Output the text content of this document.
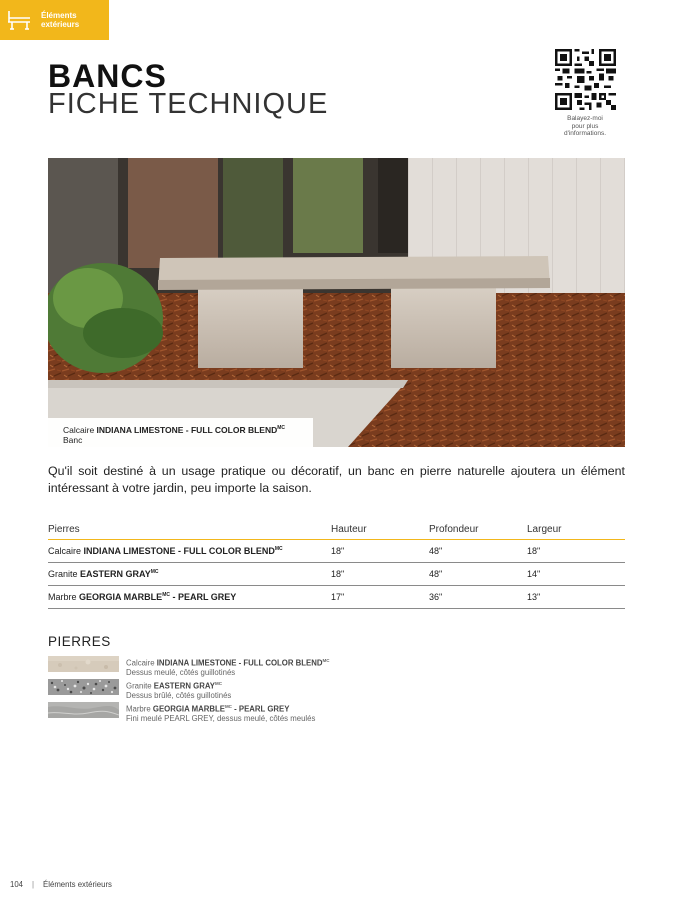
Éléments
extérieurs
BANCS
FICHE TECHNIQUE	Balayez-moi
pour plus
d'informations.
Calcaire INDIANA LIMESTONE - FULL COLOR $BLEND^{MC}$
Banc

Qu'il soit destiné à un usage pratique ou décoratif, un banc en pierre naturelle ajoutera un élément intéressant à votre jardin, peu importe la saison.

Pierres	Hauteur	Profondeur	Largeur
Calcaire INDIANA LIMESTONE - FULL COLOR $BLEND^{MC}$	18"	48"	18"
Granite EASTERN $GRAY^{MC}$	18"	48"	14"
Marbre GEORGIA $MARBLE^{MC}$ - PEARL GREY	17"	36"	13"
PIERRES
Calcaire INDIANA LIMESTONE - FULL COLOR $BLEND^{MC}$
Dessus meulé, côtés guillotinés
Granite EASTERN $GRAY^{MC}$
Dessus brûlé, côtés guillotinés
Marbre GEORGIA $MARBLE^{MC}$ - PEARL GREY
Fini meulé PEARL GREY, dessus meulé, côtés meulés
104 | Éléments extérieurs
